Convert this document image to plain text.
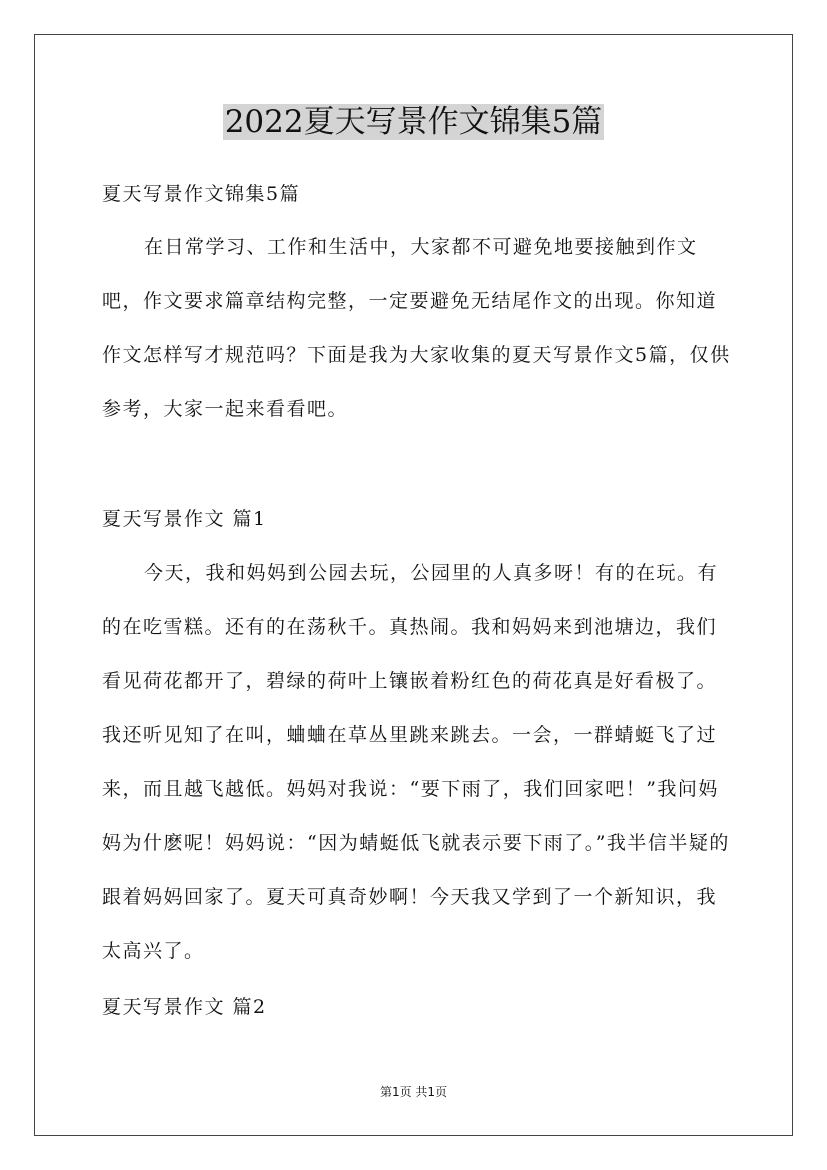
2022夏天写景作文锦集5篇
夏天写景作文锦集5篇
在日常学习、工作和生活中，大家都不可避免地要接触到作文吧，作文要求篇章结构完整，一定要避免无结尾作文的出现。你知道作文怎样写才规范吗？下面是我为大家收集的夏天写景作文5篇，仅供参考，大家一起来看看吧。
夏天写景作文 篇1
今天，我和妈妈到公园去玩，公园里的人真多呀！有的在玩。有的在吃雪糕。还有的在荡秋千。真热闹。我和妈妈来到池塘边，我们看见荷花都开了，碧绿的荷叶上镶嵌着粉红色的荷花真是好看极了。我还听见知了在叫，蛐蛐在草丛里跳来跳去。一会，一群蜻蜓飞了过来，而且越飞越低。妈妈对我说：“要下雨了，我们回家吧！”我问妈妈为什麽呢！妈妈说：“因为蜻蜓低飞就表示要下雨了。”我半信半疑的跟着妈妈回家了。夏天可真奇妙啊！今天我又学到了一个新知识，我太高兴了。
夏天写景作文 篇2
第1页 共1页
